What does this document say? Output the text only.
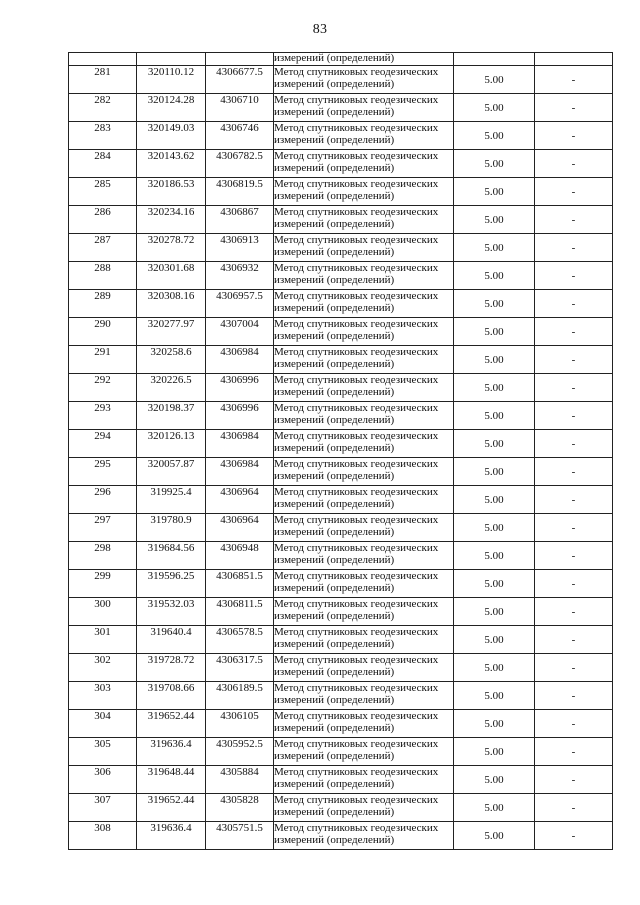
83
			измерений (определений)		
281	320110.12	4306677.5	Метод спутниковых геодезических
измерений (определений)	5.00	-
282	320124.28	4306710	Метод спутниковых геодезических
измерений (определений)	5.00	-
283	320149.03	4306746	Метод спутниковых геодезических
измерений (определений)	5.00	-
284	320143.62	4306782.5	Метод спутниковых геодезических
измерений (определений)	5.00	-
285	320186.53	4306819.5	Метод спутниковых геодезических
измерений (определений)	5.00	-
286	320234.16	4306867	Метод спутниковых геодезических
измерений (определений)	5.00	-
287	320278.72	4306913	Метод спутниковых геодезических
измерений (определений)	5.00	-
288	320301.68	4306932	Метод спутниковых геодезических
измерений (определений)	5.00	-
289	320308.16	4306957.5	Метод спутниковых геодезических
измерений (определений)	5.00	-
290	320277.97	4307004	Метод спутниковых геодезических
измерений (определений)	5.00	-
291	320258.6	4306984	Метод спутниковых геодезических
измерений (определений)	5.00	-
292	320226.5	4306996	Метод спутниковых геодезических
измерений (определений)	5.00	-
293	320198.37	4306996	Метод спутниковых геодезических
измерений (определений)	5.00	-
294	320126.13	4306984	Метод спутниковых геодезических
измерений (определений)	5.00	-
295	320057.87	4306984	Метод спутниковых геодезических
измерений (определений)	5.00	-
296	319925.4	4306964	Метод спутниковых геодезических
измерений (определений)	5.00	-
297	319780.9	4306964	Метод спутниковых геодезических
измерений (определений)	5.00	-
298	319684.56	4306948	Метод спутниковых геодезических
измерений (определений)	5.00	-
299	319596.25	4306851.5	Метод спутниковых геодезических
измерений (определений)	5.00	-
300	319532.03	4306811.5	Метод спутниковых геодезических
измерений (определений)	5.00	-
301	319640.4	4306578.5	Метод спутниковых геодезических
измерений (определений)	5.00	-
302	319728.72	4306317.5	Метод спутниковых геодезических
измерений (определений)	5.00	-
303	319708.66	4306189.5	Метод спутниковых геодезических
измерений (определений)	5.00	-
304	319652.44	4306105	Метод спутниковых геодезических
измерений (определений)	5.00	-
305	319636.4	4305952.5	Метод спутниковых геодезических
измерений (определений)	5.00	-
306	319648.44	4305884	Метод спутниковых геодезических
измерений (определений)	5.00	-
307	319652.44	4305828	Метод спутниковых геодезических
измерений (определений)	5.00	-
308	319636.4	4305751.5	Метод спутниковых геодезических
измерений (определений)	5.00	-
